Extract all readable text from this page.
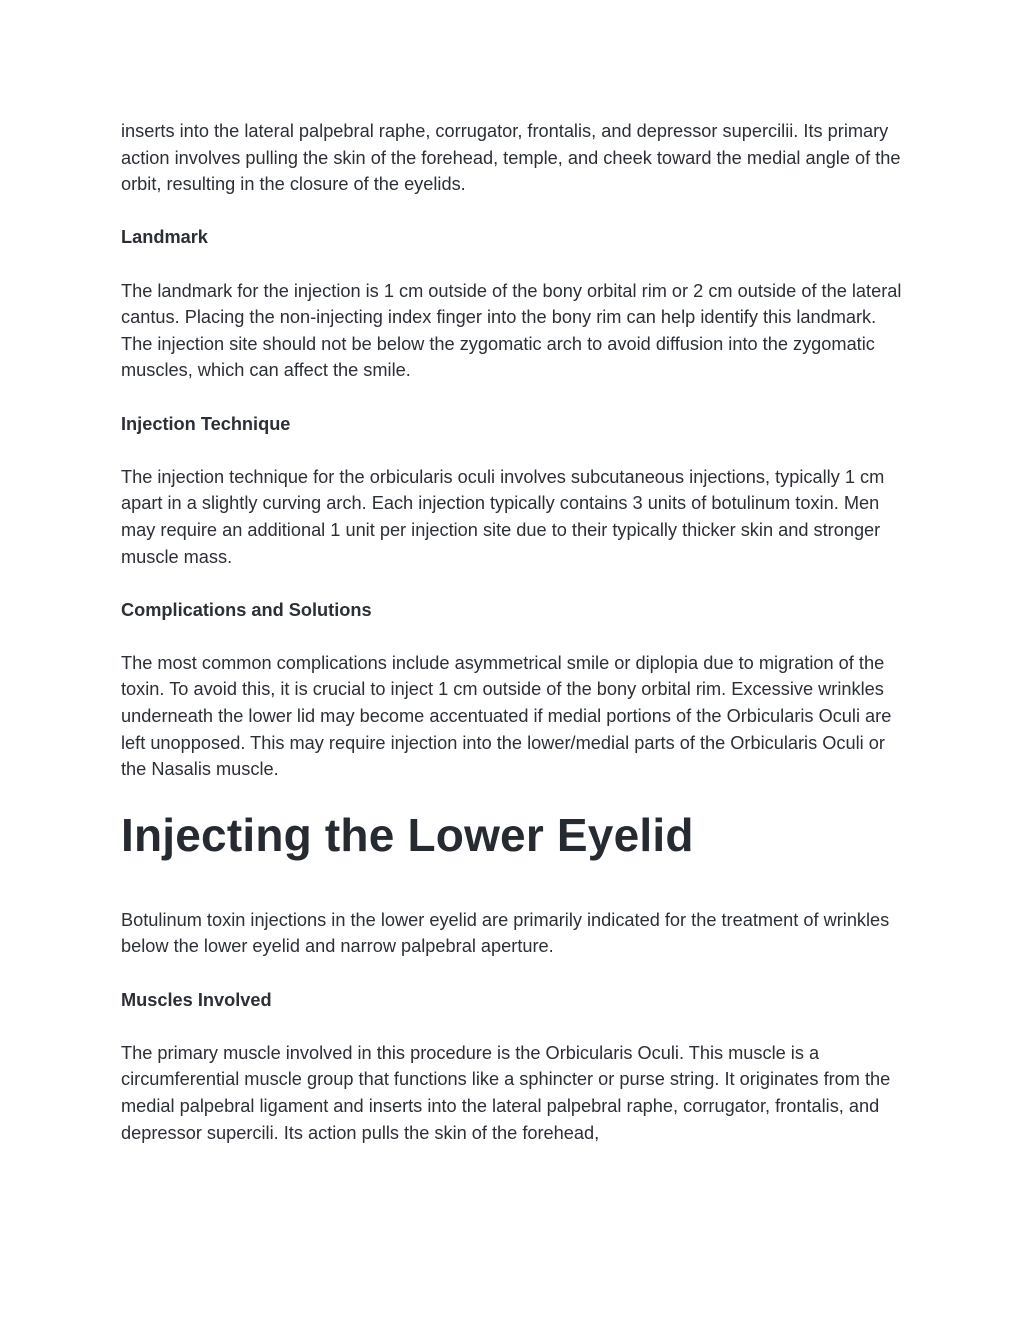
inserts into the lateral palpebral raphe, corrugator, frontalis, and depressor supercilii. Its primary action involves pulling the skin of the forehead, temple, and cheek toward the medial angle of the orbit, resulting in the closure of the eyelids.

Landmark

The landmark for the injection is 1 cm outside of the bony orbital rim or 2 cm outside of the lateral cantus. Placing the non-injecting index finger into the bony rim can help identify this landmark. The injection site should not be below the zygomatic arch to avoid diffusion into the zygomatic muscles, which can affect the smile.

Injection Technique

The injection technique for the orbicularis oculi involves subcutaneous injections, typically 1 cm apart in a slightly curving arch. Each injection typically contains 3 units of botulinum toxin. Men may require an additional 1 unit per injection site due to their typically thicker skin and stronger muscle mass.

Complications and Solutions

The most common complications include asymmetrical smile or diplopia due to migration of the toxin. To avoid this, it is crucial to inject 1 cm outside of the bony orbital rim. Excessive wrinkles underneath the lower lid may become accentuated if medial portions of the Orbicularis Oculi are left unopposed. This may require injection into the lower/medial parts of the Orbicularis Oculi or the Nasalis muscle.

Injecting the Lower Eyelid

Botulinum toxin injections in the lower eyelid are primarily indicated for the treatment of wrinkles below the lower eyelid and narrow palpebral aperture.

Muscles Involved

The primary muscle involved in this procedure is the Orbicularis Oculi. This muscle is a circumferential muscle group that functions like a sphincter or purse string. It originates from the medial palpebral ligament and inserts into the lateral palpebral raphe, corrugator, frontalis, and depressor supercili. Its action pulls the skin of the forehead,
